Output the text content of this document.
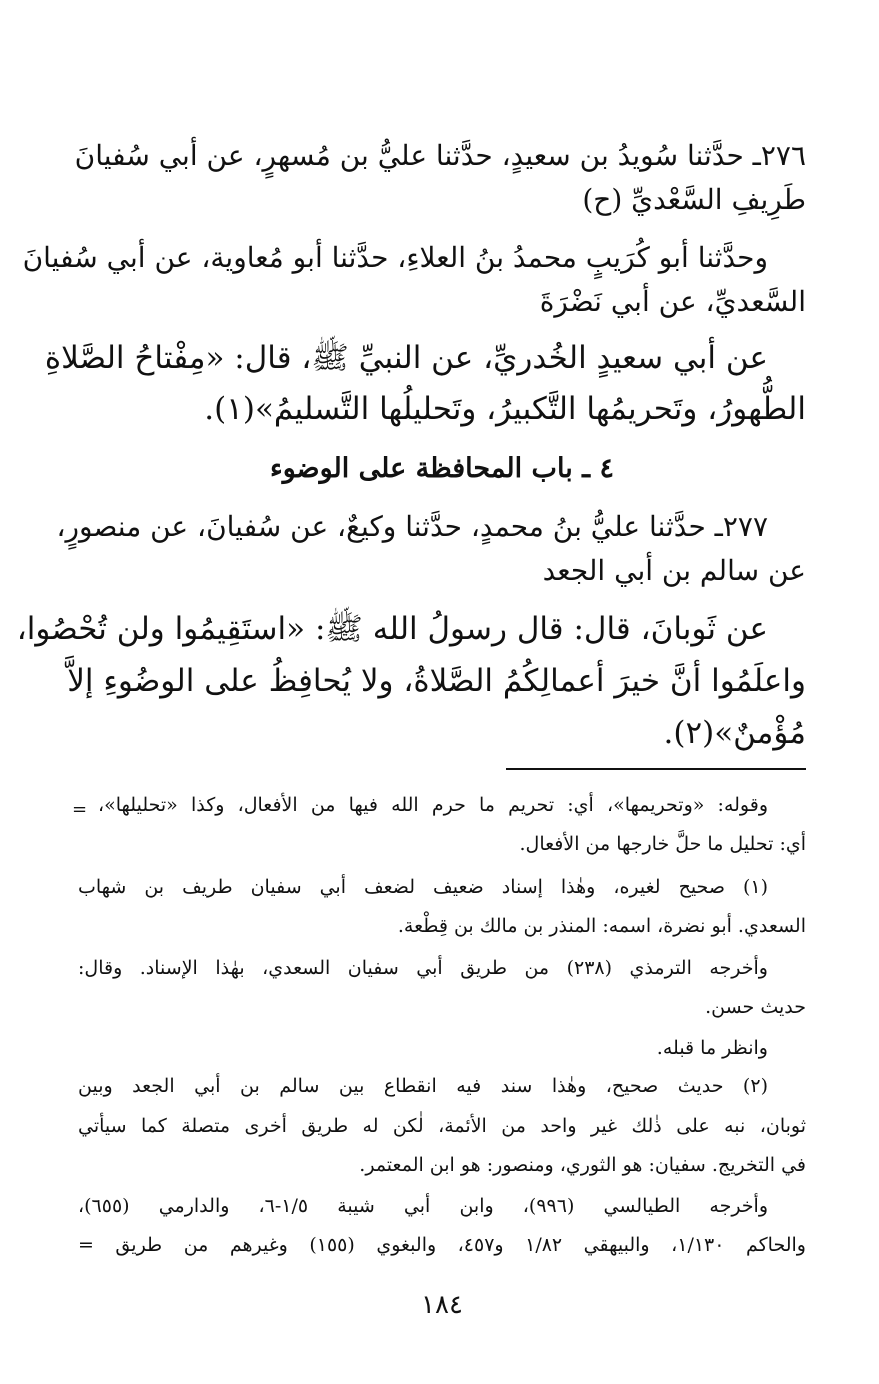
٢٧٦ـ حدَّثنا سُويدُ بن سعيدٍ، حدَّثنا عليُّ بن مُسهرٍ، عن أبي سُفيانَ
طَرِيفِ السَّعْديِّ (ح)
وحدَّثنا أبو كُرَيبٍ محمدُ بنُ العلاءِ، حدَّثنا أبو مُعاوية، عن أبي سُفيانَ
السَّعديِّ، عن أبي نَضْرَةَ
عن أبي سعيدٍ الخُدريِّ، عن النبيِّ ﷺ، قال: «مِفْتاحُ الصَّلاةِ
الطُّهورُ، وتَحريمُها التَّكبيرُ، وتَحليلُها التَّسليمُ»(١).
٤ ـ باب المحافظة على الوضوء
٢٧٧ـ حدَّثنا عليُّ بنُ محمدٍ، حدَّثنا وكيعٌ، عن سُفيانَ، عن منصورٍ،
عن سالم بن أبي الجعد
عن ثَوبانَ، قال: قال رسولُ الله ﷺ: «استَقِيمُوا ولن تُحْصُوا،
واعلَمُوا أنَّ خيرَ أعمالِكُمُ الصَّلاةُ، ولا يُحافِظُ على الوضُوءِ إلاَّ
مُؤْمنٌ»(٢).
= وقوله: «وتحريمها»، أي: تحريم ما حرم الله فيها من الأفعال، وكذا «تحليلها»،
أي: تحليل ما حلَّ خارجها من الأفعال.
(١) صحيح لغيره، وهٰذا إسناد ضعيف لضعف أبي سفيان طريف بن شهاب
السعدي. أبو نضرة، اسمه: المنذر بن مالك بن قِطْعة.
وأخرجه الترمذي (٢٣٨) من طريق أبي سفيان السعدي، بهٰذا الإسناد. وقال:
حديث حسن.
وانظر ما قبله.
(٢) حديث صحيح، وهٰذا سند فيه انقطاع بين سالم بن أبي الجعد وبين
ثوبان، نبه على ذٰلك غير واحد من الأئمة، لٰكن له طريق أخرى متصلة كما سيأتي
في التخريج. سفيان: هو الثوري، ومنصور: هو ابن المعتمر.
وأخرجه الطيالسي (٩٩٦)، وابن أبي شيبة ١/٥-٦، والدارمي (٦٥٥)،
والحاكم ١/١٣٠، والبيهقي ١/٨٢ و٤٥٧، والبغوي (١٥٥) وغيرهم من طريق =
١٨٤
